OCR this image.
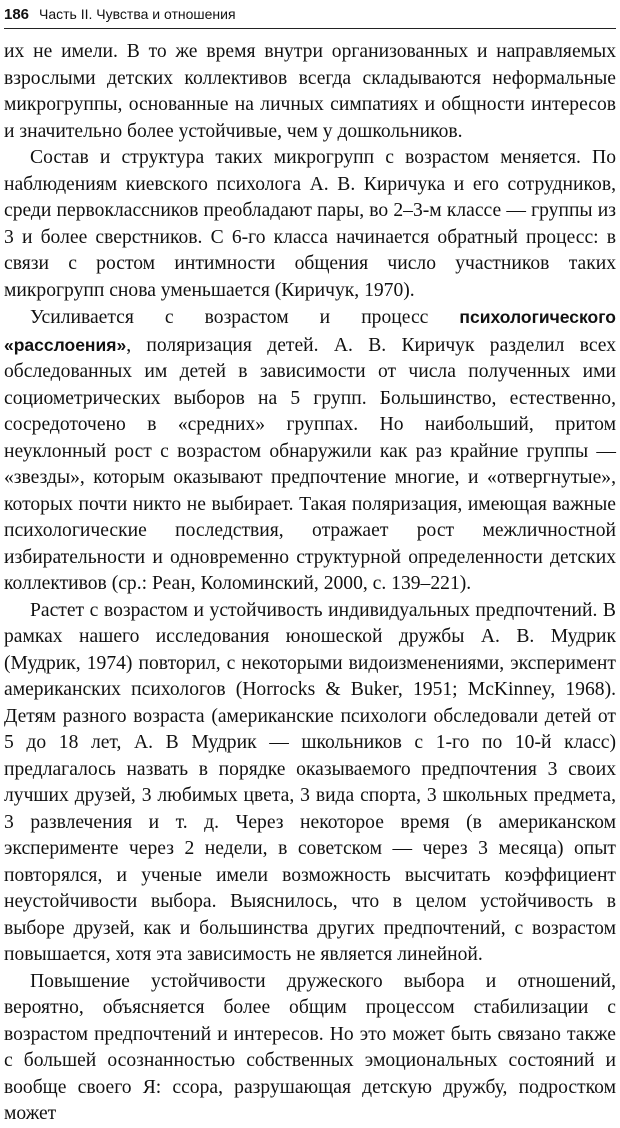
186 Часть II. Чувства и отношения

их не имели. В то же время внутри организованных и направляемых взрослыми детских коллективов всегда складываются неформальные микрогруппы, основанные на личных симпатиях и общности интересов и значительно более устойчивые, чем у дошкольников.

Состав и структура таких микрогрупп с возрастом меняется. По наблюдениям киевского психолога А. В. Киричука и его сотрудников, среди первоклассников преобладают пары, во 2–3-м классе — группы из 3 и более сверстников. С 6-го класса начинается обратный процесс: в связи с ростом интимности общения число участников таких микрогрупп снова уменьшается (Киричук, 1970).

Усиливается с возрастом и процесс психологического «расслоения», поляризация детей. А. В. Киричук разделил всех обследованных им детей в зависимости от числа полученных ими социометрических выборов на 5 групп. Большинство, естественно, сосредоточено в «средних» группах. Но наибольший, притом неуклонный рост с возрастом обнаружили как раз крайние группы — «звезды», которым оказывают предпочтение многие, и «отвергнутые», которых почти никто не выбирает. Такая поляризация, имеющая важные психологические последствия, отражает рост межличностной избирательности и одновременно структурной определенности детских коллективов (ср.: Реан, Коломинский, 2000, с. 139–221).

Растет с возрастом и устойчивость индивидуальных предпочтений. В рамках нашего исследования юношеской дружбы А. В. Мудрик (Мудрик, 1974) повторил, с некоторыми видоизменениями, эксперимент американских психологов (Horrocks & Buker, 1951; McKinney, 1968). Детям разного возраста (американские психологи обследовали детей от 5 до 18 лет, А. В Мудрик — школьников с 1-го по 10-й класс) предлагалось назвать в порядке оказываемого предпочтения 3 своих лучших друзей, 3 любимых цвета, 3 вида спорта, 3 школьных предмета, 3 развлечения и т. д. Через некоторое время (в американском эксперименте через 2 недели, в советском — через 3 месяца) опыт повторялся, и ученые имели возможность высчитать коэффициент неустойчивости выбора. Выяснилось, что в целом устойчивость в выборе друзей, как и большинства других предпочтений, с возрастом повышается, хотя эта зависимость не является линейной.

Повышение устойчивости дружеского выбора и отношений, вероятно, объясняется более общим процессом стабилизации с возрастом предпочтений и интересов. Но это может быть связано также с большей осознанностью собственных эмоциональных состояний и вообще своего Я: ссора, разрушающая детскую дружбу, подростком может
